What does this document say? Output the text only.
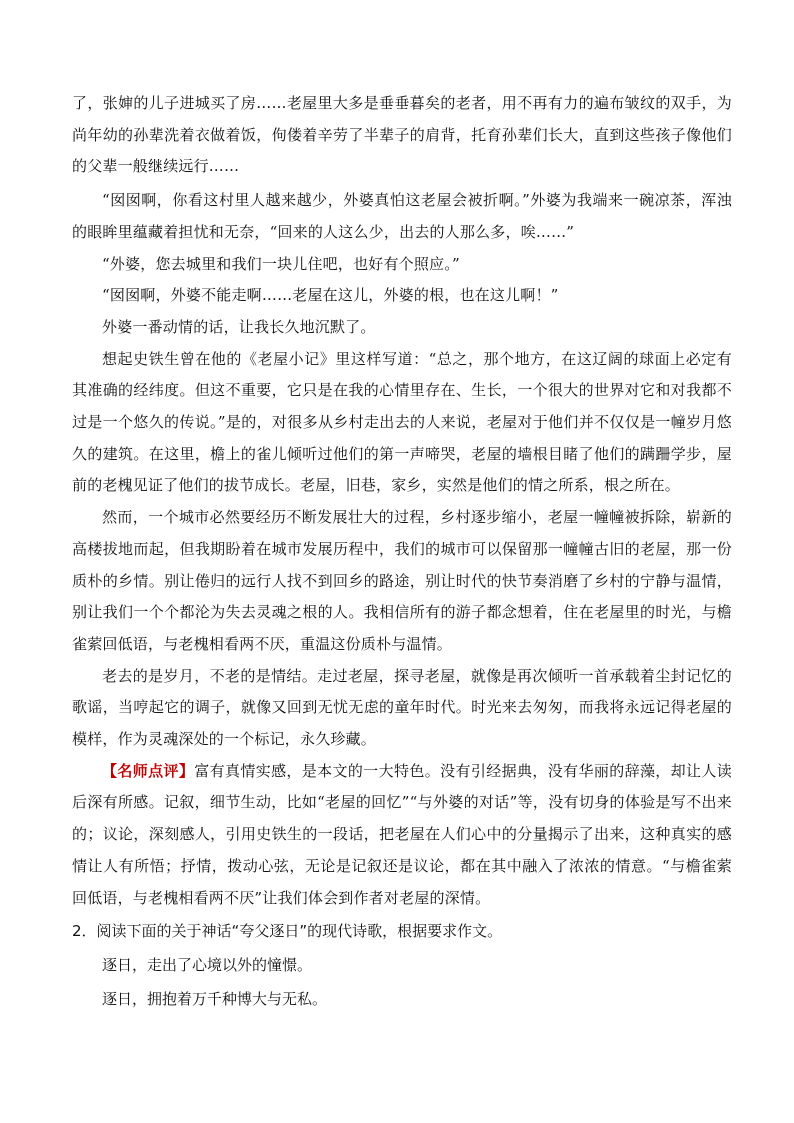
了，张婶的儿子进城买了房……老屋里大多是垂垂暮矣的老者，用不再有力的遍布皱纹的双手，为尚年幼的孙辈洗着衣做着饭，佝偻着辛劳了半辈子的肩背，托育孙辈们长大，直到这些孩子像他们的父辈一般继续远行……

“囡囡啊，你看这村里人越来越少，外婆真怕这老屋会被折啊。”外婆为我端来一碗凉茶，浑浊的眼眸里蕴藏着担忧和无奈，“回来的人这么少，出去的人那么多，唉……”

“外婆，您去城里和我们一块儿住吧，也好有个照应。”

“囡囡啊，外婆不能走啊……老屋在这儿，外婆的根，也在这儿啊！”

外婆一番动情的话，让我长久地沉默了。

想起史铁生曾在他的《老屋小记》里这样写道：“总之，那个地方，在这辽阔的球面上必定有其准确的经纬度。但这不重要，它只是在我的心情里存在、生长，一个很大的世界对它和对我都不过是一个悠久的传说。”是的，对很多从乡村走出去的人来说，老屋对于他们并不仅仅是一幢岁月悠久的建筑。在这里，檐上的雀儿倾听过他们的第一声啼哭，老屋的墙根目睹了他们的蹒跚学步，屋前的老槐见证了他们的拔节成长。老屋，旧巷，家乡，实然是他们的情之所系，根之所在。

然而，一个城市必然要经历不断发展壮大的过程，乡村逐步缩小，老屋一幢幢被拆除，崭新的高楼拔地而起，但我期盼着在城市发展历程中，我们的城市可以保留那一幢幢古旧的老屋，那一份质朴的乡情。别让倦归的远行人找不到回乡的路途，别让时代的快节奏消磨了乡村的宁静与温情，别让我们一个个都沦为失去灵魂之根的人。我相信所有的游子都念想着，住在老屋里的时光，与檐雀萦回低语，与老槐相看两不厌，重温这份质朴与温情。

老去的是岁月，不老的是情结。走过老屋，探寻老屋，就像是再次倾听一首承载着尘封记忆的歌谣，当哼起它的调子，就像又回到无忧无虑的童年时代。时光来去匆匆，而我将永远记得老屋的模样，作为灵魂深处的一个标记，永久珍藏。

【名师点评】富有真情实感，是本文的一大特色。没有引经据典，没有华丽的辞藻，却让人读后深有所感。记叙，细节生动，比如“老屋的回忆”“与外婆的对话”等，没有切身的体验是写不出来的；议论，深刻感人，引用史铁生的一段话，把老屋在人们心中的分量揭示了出来，这种真实的感情让人有所悟；抒情，拨动心弦，无论是记叙还是议论，都在其中融入了浓浓的情意。“与檐雀萦回低语，与老槐相看两不厌”让我们体会到作者对老屋的深情。

2．阅读下面的关于神话“夸父逐日”的现代诗歌，根据要求作文。

逐日，走出了心境以外的憧憬。

逐日，拥抱着万千种博大与无私。
